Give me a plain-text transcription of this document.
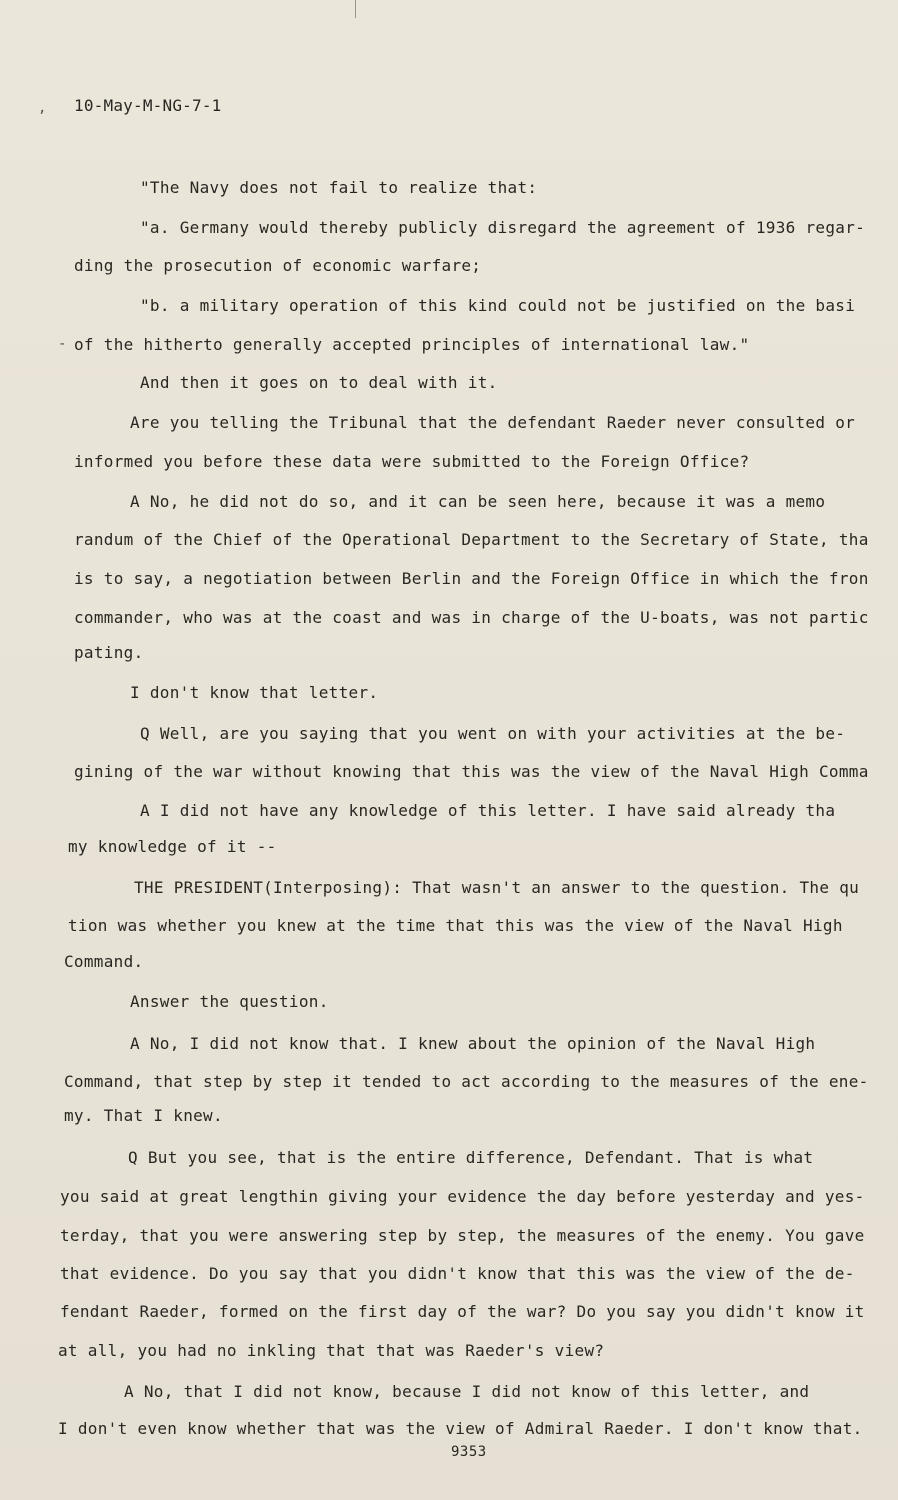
,
-
10-May-M-NG-7-1
"The Navy does not fail to realize that:
"a. Germany would thereby publicly disregard the agreement of 1936 regar-
ding the prosecution of economic warfare;
"b. a military operation of this kind could not be justified on the basi
of the hitherto generally accepted principles of international law."
And then it goes on to deal with it.
Are you telling the Tribunal that the defendant Raeder never consulted or
informed you before these data were submitted to the Foreign Office?
A No, he did not do so, and it can be seen here, because it was a memo
randum of the Chief of the Operational Department to the Secretary of State, tha
is to say, a negotiation between Berlin and the Foreign Office in which the fron
commander, who was at the coast and was in charge of the U-boats, was not partic
pating.
I don't know that letter.
Q Well, are you saying that you went on with your activities at the be-
gining of the war without knowing that this was the view of the Naval High Comma
A I did not have any knowledge of this letter. I have said already tha
my knowledge of it --
THE PRESIDENT(Interposing): That wasn't an answer to the question. The qu
tion was whether you knew at the time that this was the view of the Naval High
Command.
Answer the question.
A No, I did not know that. I knew about the opinion of the Naval High
Command, that step by step it tended to act according to the measures of the ene-
my. That I knew.
Q But you see, that is the entire difference, Defendant. That is what
you said at great lengthin giving your evidence the day before yesterday and yes-
terday, that you were answering step by step, the measures of the enemy. You gave
that evidence. Do you say that you didn't know that this was the view of the de-
fendant Raeder, formed on the first day of the war? Do you say you didn't know it
at all, you had no inkling that that was Raeder's view?
A No, that I did not know, because I did not know of this letter, and
I don't even know whether that was the view of Admiral Raeder. I don't know that.
9353
